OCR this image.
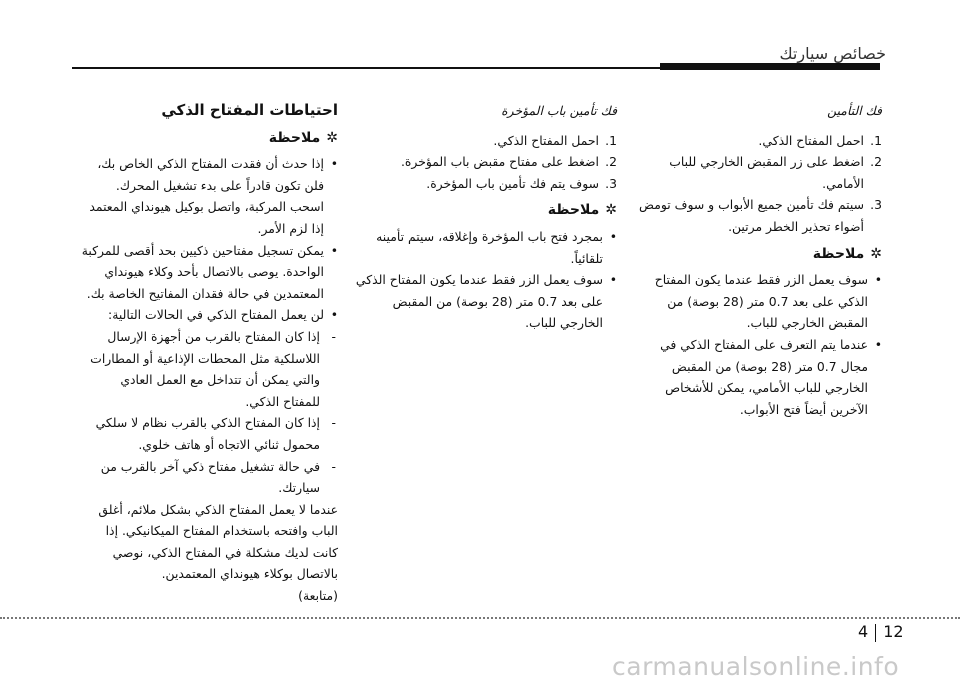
خصائص سيارتك
فك التأمين
1.
احمل المفتاح الذكي.
2.
اضغط على زر المقبض الخارجي للباب الأمامي.
3.
سيتم فك تأمين جميع الأبواب و سوف تومض أضواء تحذير الخطر مرتين.
✲ملاحظة
•
سوف يعمل الزر فقط عندما يكون المفتاح الذكي على بعد 0.7 متر (28 بوصة) من المقبض الخارجي للباب.
•
عندما يتم التعرف على المفتاح الذكي في مجال 0.7 متر (28 بوصة) من المقبض الخارجي للباب الأمامي، يمكن للأشخاص الآخرين أيضاً فتح الأبواب.
فك تأمين باب المؤخرة
1.
احمل المفتاح الذكي.
2.
اضغط على مفتاح مقبض باب المؤخرة.
3.
سوف يتم فك تأمين باب المؤخرة.
✲ملاحظة
•
بمجرد فتح باب المؤخرة وإغلاقه، سيتم تأمينه تلقائياً.
•
سوف يعمل الزر فقط عندما يكون المفتاح الذكي على بعد 0.7 متر (28 بوصة) من المقبض الخارجي للباب.
احتياطات المفتاح الذكي
✲ملاحظة
•
إذا حدث أن فقدت المفتاح الذكي الخاص بك، فلن تكون قادراً على بدء تشغيل المحرك. اسحب المركبة، واتصل بوكيل هيونداي المعتمد إذا لزم الأمر.
•
يمكن تسجيل مفتاحين ذكيين بحد أقصى للمركبة الواحدة. يوصى بالاتصال بأحد وكلاء هيونداي المعتمدين في حالة فقدان المفاتيح الخاصة بك.
•
لن يعمل المفتاح الذكي في الحالات التالية:
-
إذا كان المفتاح بالقرب من أجهزة الإرسال اللاسلكية مثل المحطات الإذاعية أو المطارات والتي يمكن أن تتداخل مع العمل العادي للمفتاح الذكي.
-
إذا كان المفتاح الذكي بالقرب نظام لا سلكي محمول ثنائي الاتجاه أو هاتف خلوي.
-
في حالة تشغيل مفتاح ذكي آخر بالقرب من سيارتك.

عندما لا يعمل المفتاح الذكي بشكل ملائم، أغلق الباب وافتحه باستخدام المفتاح الميكانيكي. إذا كانت لديك مشكلة في المفتاح الذكي، نوصي بالاتصال بوكلاء هيونداي المعتمدين.

(متابعة)
4 12
carmanualsonline.info
